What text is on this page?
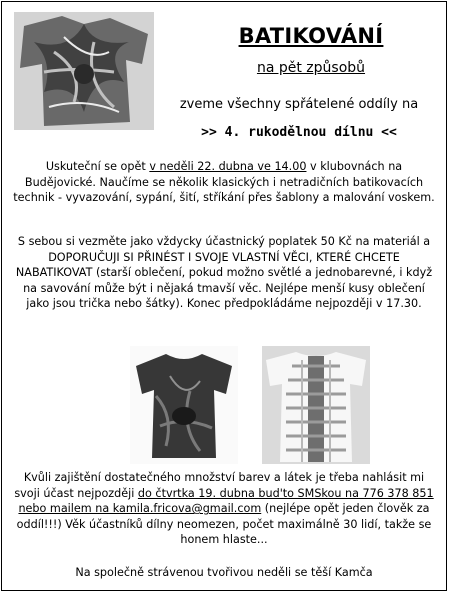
BATIKOVÁNÍ
na pět způsobů
zveme všechny spřátelené oddíly na
>> 4. rukodělnou dílnu <<

Uskuteční se opět v neděli 22. dubna ve 14.00 v klubovnách na Budějovické. Naučíme se několik klasických i netradičních batikovacích technik - vyvazování, sypání, šití, stříkání přes šablony a malování voskem.

S sebou si vezměte jako vždycky účastnický poplatek 50 Kč na materiál a DOPORUČUJI SI PŘINÉST I SVOJE VLASTNÍ VĚCI, KTERÉ CHCETE NABATIKOVAT (starší oblečení, pokud možno světlé a jednobarevné, i když na savování může být i nějaká tmavší věc. Nejlépe menší kusy oblečení jako jsou trička nebo šátky). Konec předpokládáme nejpozději v 17.30.

Kvůli zajištění dostatečného množství barev a látek je třeba nahlásit mi svoji účast nejpozději do čtvrtka 19. dubna bud'to SMSkou na 776 378 851 nebo mailem na kamila.fricova@gmail.com (nejlépe opět jeden člověk za oddíl!!!) Věk účastníků dílny neomezen, počet maximálně 30 lidí, takže se honem hlaste...

Na společně strávenou tvořivou neděli se těší Kamča
